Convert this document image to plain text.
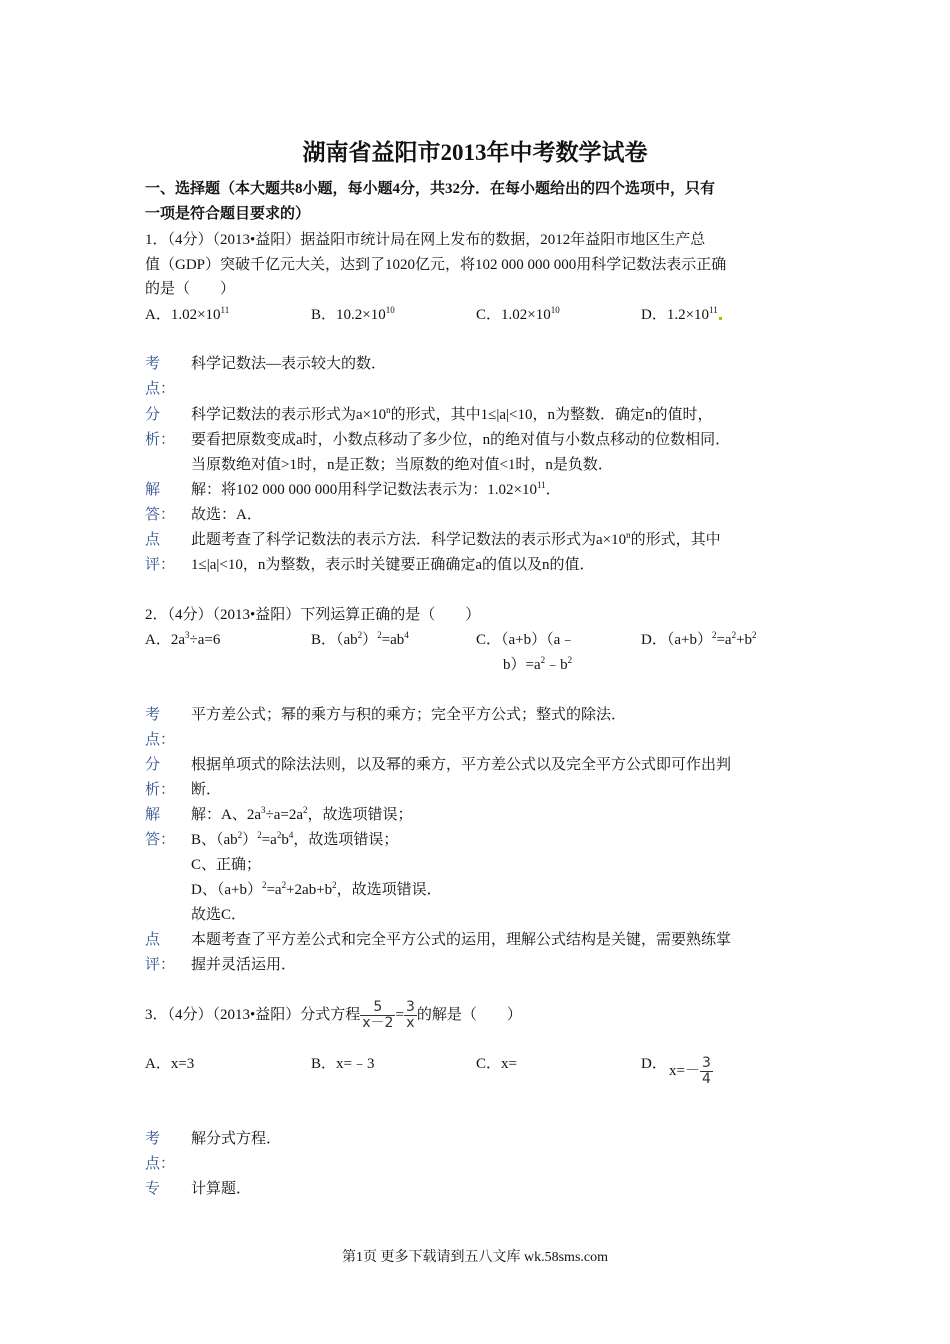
湖南省益阳市2013年中考数学试卷
一、选择题（本大题共8小题，每小题4分，共32分．在每小题给出的四个选项中，只有
一项是符合题目要求的）
1．（4分）（2013•益阳）据益阳市统计局在网上发布的数据，2012年益阳市地区生产总
值（GDP）突破千亿元大关，达到了1020亿元，将102 000 000 000用科学记数法表示正确
的是（　　）
A．$1.02\times 10^{11}$	B．$10.2\times 10^{10}$	C．$1.02\times 10^{10}$	D．$1.2\times 10^{11}$
考
点：
科学记数法—表示较大的数．
分
析：
科学记数法的表示形式为$a\times 10^n$的形式，其中1≤|a|<10，n为整数．确定n的值时，
要看把原数变成a时，小数点移动了多少位，n的绝对值与小数点移动的位数相同．
当原数绝对值>1时，n是正数；当原数的绝对值<1时，n是负数．
解
答：
解：将102 000 000 000用科学记数法表示为：$1.02\times 10^{11}$．
故选：A．
点
评：
此题考查了科学记数法的表示方法．科学记数法的表示形式为$a\times 10^n$的形式，其中
1≤|a|<10，n为整数，表示时关键要正确确定a的值以及n的值．
2．（4分）（2013•益阳）下列运算正确的是（　　）
A．$2a^3\div a=6$	B．$(ab^2)^2=ab^4$	C．（a+b）（a﹣
$b)=a^2﹣b^2$
D．$(a+b)^2=a^2+b^2$
考
点：
平方差公式；幂的乘方与积的乘方；完全平方公式；整式的除法．
分
析：
根据单项式的除法法则，以及幂的乘方，平方差公式以及完全平方公式即可作出判
断．
解
答：
解：A、$2a^3\div a=2a^2$，故选项错误；
B、$(ab^2)^2=a^2b^4$，故选项错误；
C、正确；
D、$(a+b)^2=a^2+2ab+b^2$，故选项错误．
故选C．
点
评：
本题考查了平方差公式和完全平方公式的运用，理解公式结构是关键，需要熟练掌
握并灵活运用．
3．（4分）（2013•益阳）分式方程 $\frac{5}{x-2} = \frac{3}{x}$ 的解是（　　）
A．x=3	B．x=﹣3	C．x=	D． $x=- \frac{3}{4}$
考
点：
解分式方程．
专 计算题．
第1页 更多下载请到五八文库 wk.58sms.com
